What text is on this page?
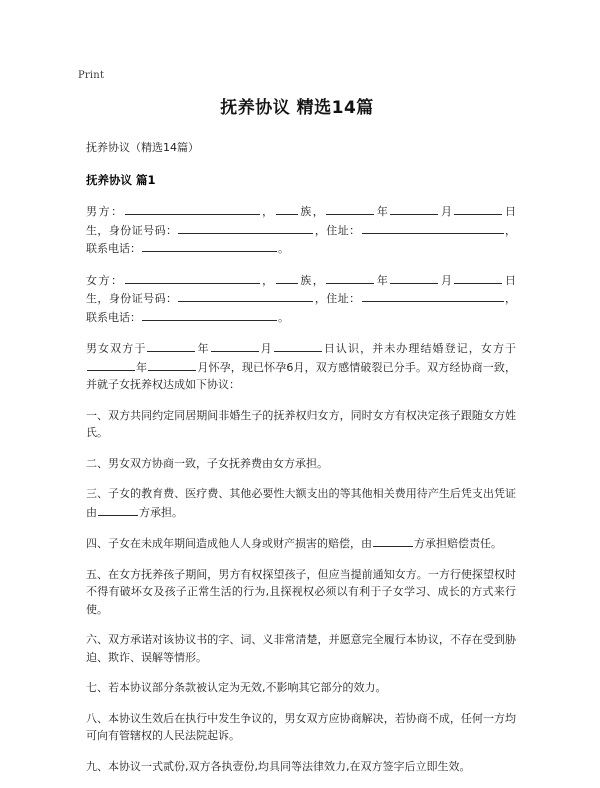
Print
抚养协议 精选14篇

抚养协议（精选14篇）

抚养协议 篇1

男方：	， 族，	年	月	日生，身份证号码：	，住址：	，联系电话：	。

女方：	， 族，	年	月	日生，身份证号码：	，住址：	，联系电话：	。

男女双方于	年	月	日认识，并未办理结婚登记，女方于年	月怀孕，现已怀孕6月，双方感情破裂已分手。双方经协商一致，并就子女抚养权达成如下协议：

一、双方共同约定同居期间非婚生子的抚养权归女方，同时女方有权决定孩子跟随女方姓氏。

二、男女双方协商一致，子女抚养费由女方承担。

三、子女的教育费、医疗费、其他必要性大额支出的等其他相关费用待产生后凭支出凭证由	方承担。

四、子女在未成年期间造成他人人身或财产损害的赔偿，由	方承担赔偿责任。

五、在女方抚养孩子期间，男方有权探望孩子，但应当提前通知女方。一方行使探望权时不得有破坏女及孩子正常生活的行为,且探视权必须以有利于子女学习、成长的方式来行使。

六、双方承诺对该协议书的字、词、义非常清楚，并愿意完全履行本协议，不存在受到胁迫、欺诈、误解等情形。

七、若本协议部分条款被认定为无效,不影响其它部分的效力。

八、本协议生效后在执行中发生争议的，男女双方应协商解决，若协商不成，任何一方均可向有管辖权的人民法院起诉。

九、本协议一式贰份,双方各执壹份,均具同等法律效力,在双方签字后立即生效。
